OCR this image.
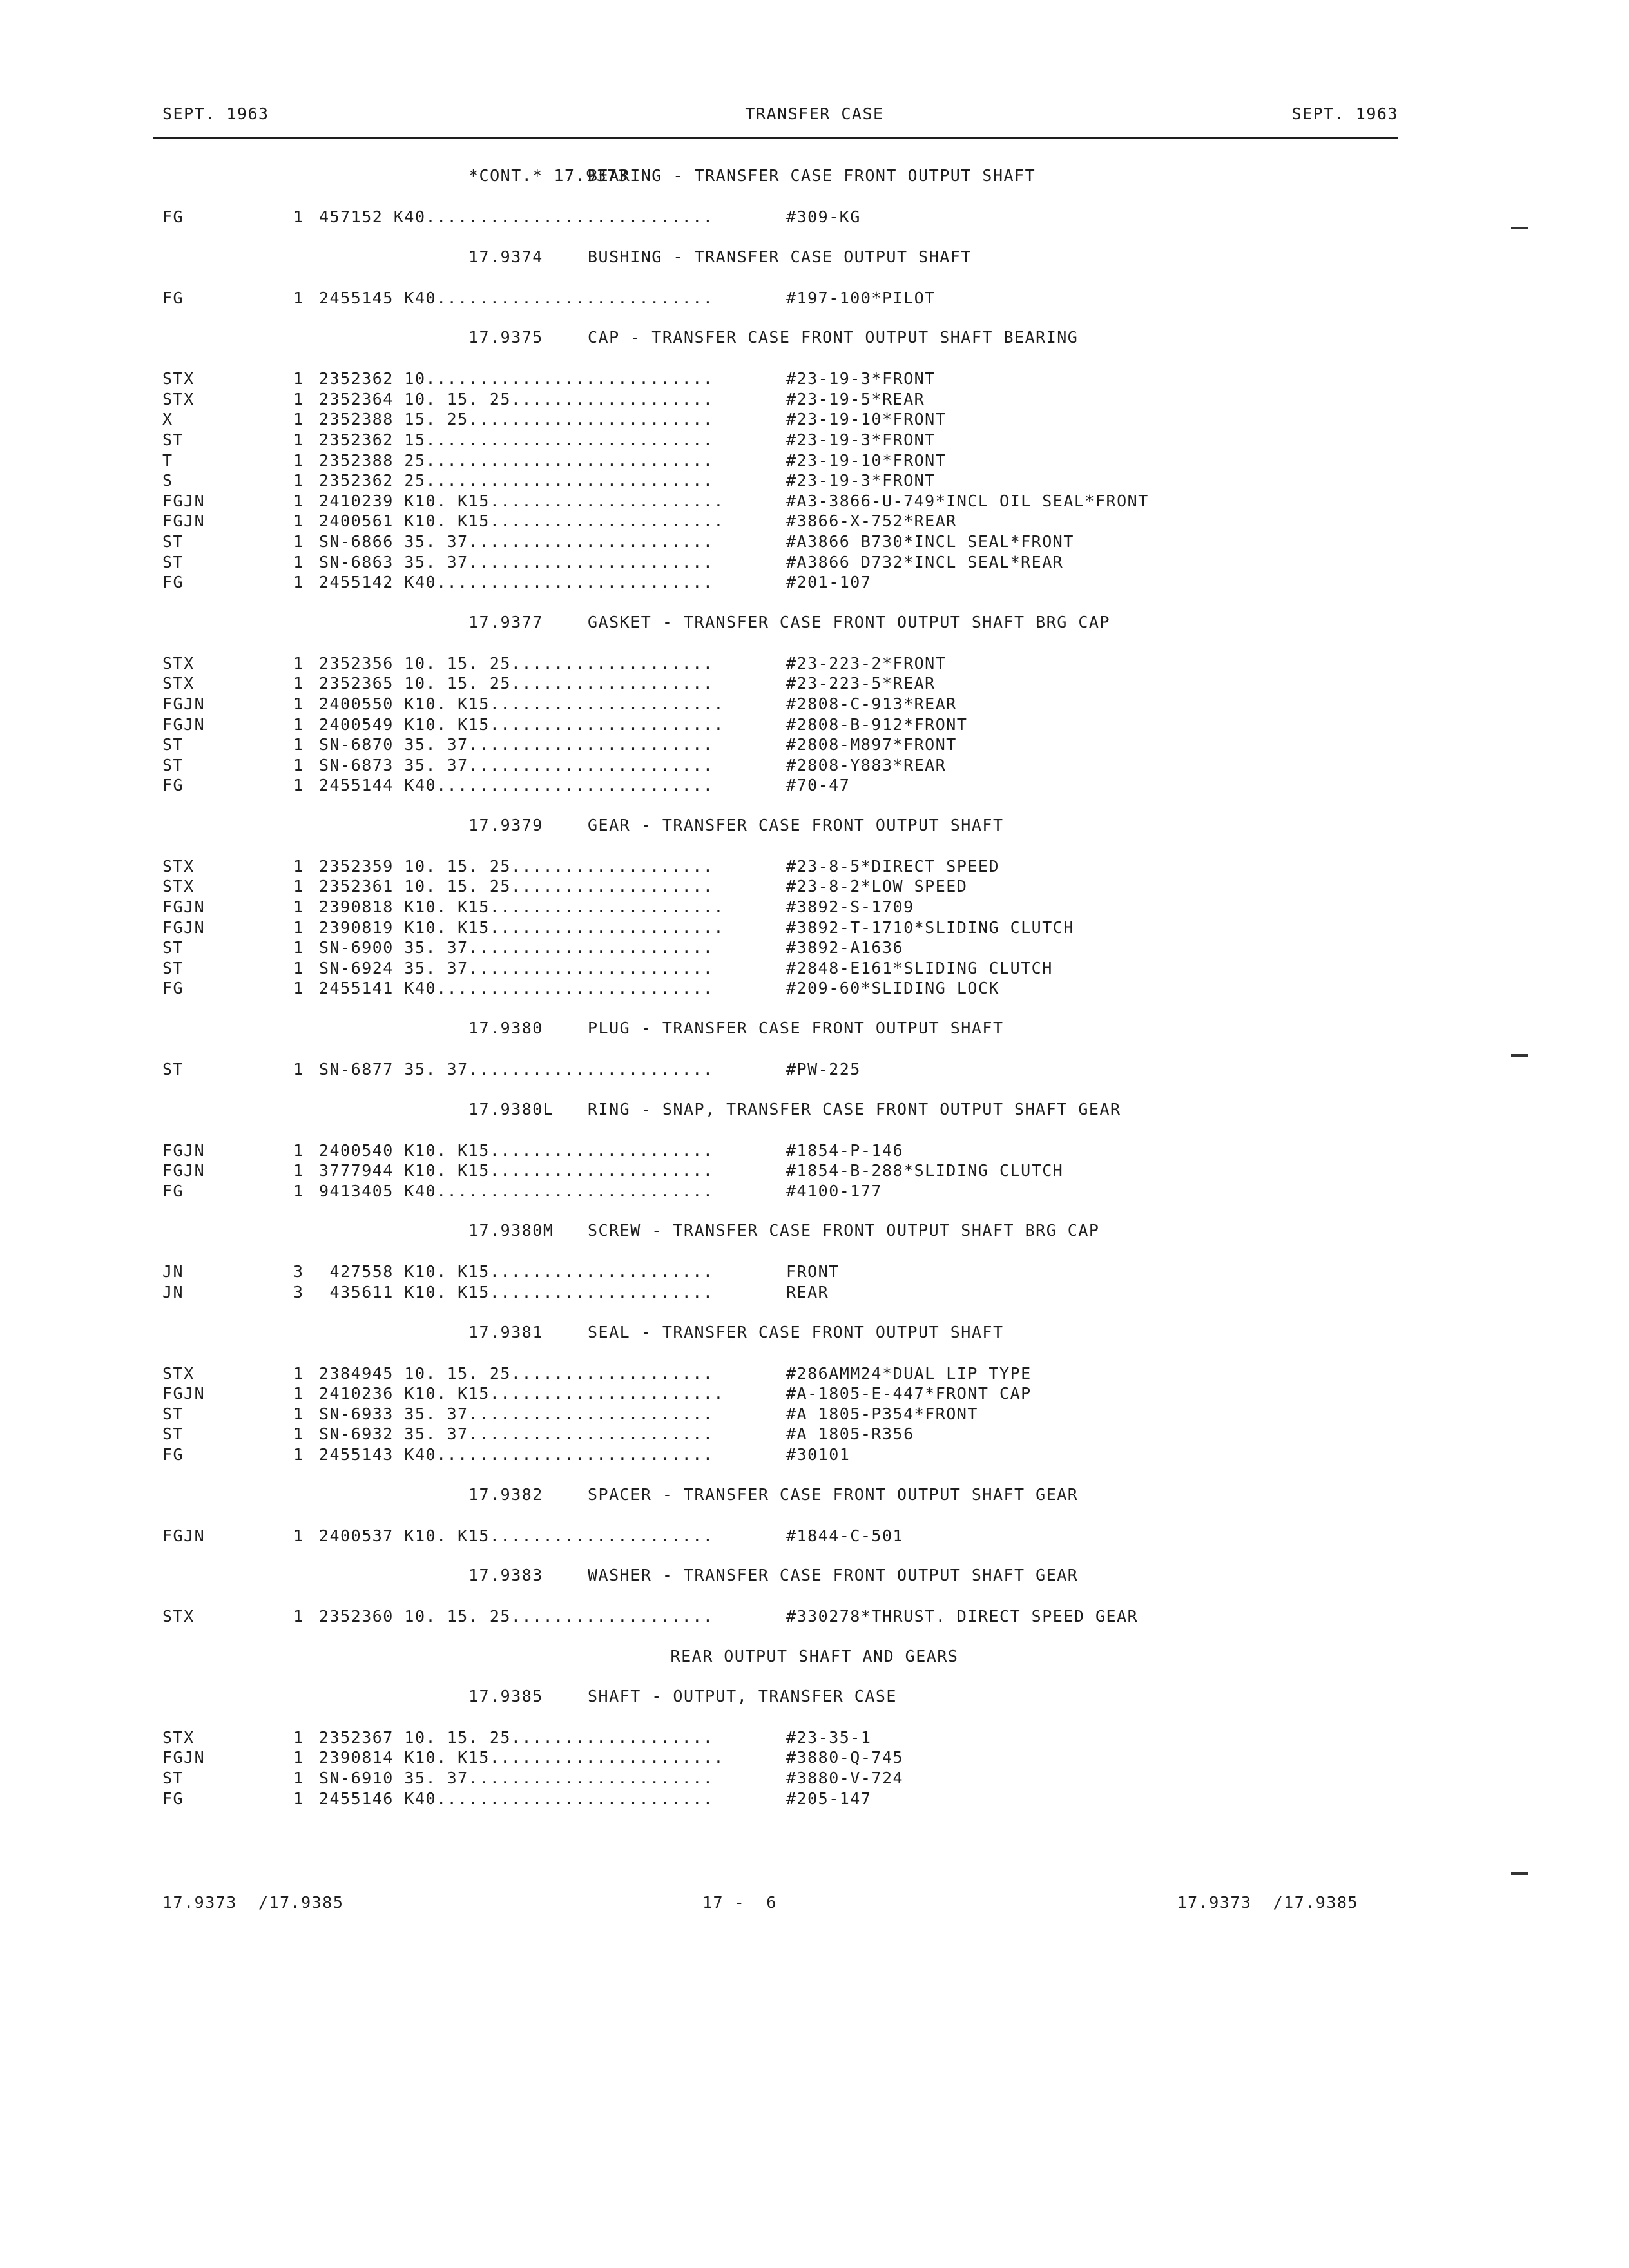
SEPT. 1963	TRANSFER CASE	SEPT. 1963
*CONT.* 17.9373
BEARING - TRANSFER CASE FRONT OUTPUT SHAFT
FG	1 457152 K40...........................	#309-KG
17.9374	BUSHING - TRANSFER CASE OUTPUT SHAFT
FG	1 2455145 K40..........................	#197-100*PILOT
17.9375	CAP - TRANSFER CASE FRONT OUTPUT SHAFT BEARING
STX	1 2352362 10...........................	#23-19-3*FRONT
STX	1 2352364 10. 15. 25...................	#23-19-5*REAR
X	1 2352388 15. 25.......................	#23-19-10*FRONT
ST	1 2352362 15...........................	#23-19-3*FRONT
T	1 2352388 25...........................	#23-19-10*FRONT
S	1 2352362 25...........................	#23-19-3*FRONT
FGJN	1 2410239 K10. K15......................	#A3-3866-U-749*INCL OIL SEAL*FRONT
FGJN	1 2400561 K10. K15......................	#3866-X-752*REAR
ST	1 SN-6866 35. 37.......................	#A3866 B730*INCL SEAL*FRONT
ST	1 SN-6863 35. 37.......................	#A3866 D732*INCL SEAL*REAR
FG	1 2455142 K40..........................	#201-107
17.9377	GASKET - TRANSFER CASE FRONT OUTPUT SHAFT BRG CAP
STX	1 2352356 10. 15. 25...................	#23-223-2*FRONT
STX	1 2352365 10. 15. 25...................	#23-223-5*REAR
FGJN	1 2400550 K10. K15......................	#2808-C-913*REAR
FGJN	1 2400549 K10. K15......................	#2808-B-912*FRONT
ST	1 SN-6870 35. 37.......................	#2808-M897*FRONT
ST	1 SN-6873 35. 37.......................	#2808-Y883*REAR
FG	1 2455144 K40..........................	#70-47
17.9379	GEAR - TRANSFER CASE FRONT OUTPUT SHAFT
STX	1 2352359 10. 15. 25...................	#23-8-5*DIRECT SPEED
STX	1 2352361 10. 15. 25...................	#23-8-2*LOW SPEED
FGJN	1 2390818 K10. K15......................	#3892-S-1709
FGJN	1 2390819 K10. K15......................	#3892-T-1710*SLIDING CLUTCH
ST	1 SN-6900 35. 37.......................	#3892-A1636
ST	1 SN-6924 35. 37.......................	#2848-E161*SLIDING CLUTCH
FG	1 2455141 K40..........................	#209-60*SLIDING LOCK
17.9380	PLUG - TRANSFER CASE FRONT OUTPUT SHAFT
ST	1 SN-6877 35. 37.......................	#PW-225
17.9380L RING - SNAP, TRANSFER CASE FRONT OUTPUT SHAFT GEAR
FGJN	1 2400540 K10. K15.....................	#1854-P-146
FGJN	1 3777944 K10. K15.....................	#1854-B-288*SLIDING CLUTCH
FG	1 9413405 K40..........................	#4100-177
17.9380M SCREW - TRANSFER CASE FRONT OUTPUT SHAFT BRG CAP
JN	3 427558 K10. K15.....................	FRONT
JN	3 435611 K10. K15.....................	REAR
17.9381	SEAL - TRANSFER CASE FRONT OUTPUT SHAFT
STX	1 2384945 10. 15. 25...................	#286AMM24*DUAL LIP TYPE
FGJN	1 2410236 K10. K15......................	#A-1805-E-447*FRONT CAP
ST	1 SN-6933 35. 37.......................	#A 1805-P354*FRONT
ST	1 SN-6932 35. 37.......................	#A 1805-R356
FG	1 2455143 K40..........................	#30101
17.9382	SPACER - TRANSFER CASE FRONT OUTPUT SHAFT GEAR
FGJN	1 2400537 K10. K15.....................	#1844-C-501
17.9383	WASHER - TRANSFER CASE FRONT OUTPUT SHAFT GEAR
STX	1 2352360 10. 15. 25...................	#330278*THRUST. DIRECT SPEED GEAR
REAR OUTPUT SHAFT AND GEARS
17.9385	SHAFT - OUTPUT, TRANSFER CASE
STX	1 2352367 10. 15. 25...................	#23-35-1
FGJN	1 2390814 K10. K15......................	#3880-Q-745
ST	1 SN-6910 35. 37.......................	#3880-V-724
FG	1 2455146 K40..........................	#205-147
17.9373  /17.9385	17 -  6	17.9373  /17.9385
